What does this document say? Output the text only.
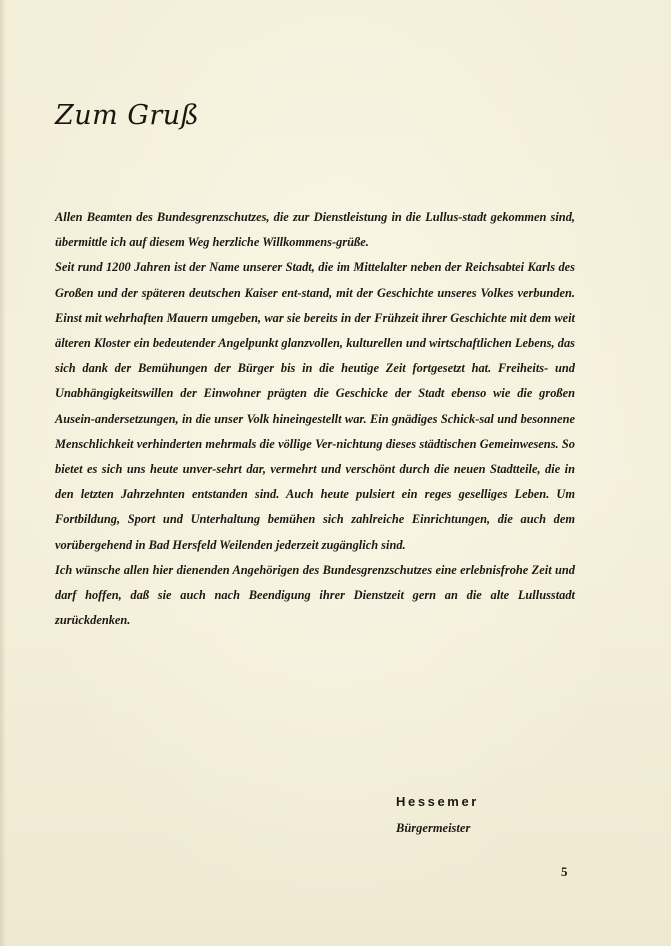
Zum Gruß

Allen Beamten des Bundesgrenzschutzes, die zur Dienstleistung in die Lullus-stadt gekommen sind, übermittle ich auf diesem Weg herzliche Willkommens-grüße.

Seit rund 1200 Jahren ist der Name unserer Stadt, die im Mittelalter neben der Reichsabtei Karls des Großen und der späteren deutschen Kaiser ent-stand, mit der Geschichte unseres Volkes verbunden. Einst mit wehrhaften Mauern umgeben, war sie bereits in der Frühzeit ihrer Geschichte mit dem weit älteren Kloster ein bedeutender Angelpunkt glanzvollen, kulturellen und wirtschaftlichen Lebens, das sich dank der Bemühungen der Bürger bis in die heutige Zeit fortgesetzt hat. Freiheits- und Unabhängigkeitswillen der Einwohner prägten die Geschicke der Stadt ebenso wie die großen Ausein-andersetzungen, in die unser Volk hineingestellt war. Ein gnädiges Schick-sal und besonnene Menschlichkeit verhinderten mehrmals die völlige Ver-nichtung dieses städtischen Gemeinwesens. So bietet es sich uns heute unver-sehrt dar, vermehrt und verschönt durch die neuen Stadtteile, die in den letzten Jahrzehnten entstanden sind. Auch heute pulsiert ein reges geselliges Leben. Um Fortbildung, Sport und Unterhaltung bemühen sich zahlreiche Einrichtungen, die auch dem vorübergehend in Bad Hersfeld Weilenden jederzeit zugänglich sind.

Ich wünsche allen hier dienenden Angehörigen des Bundesgrenzschutzes eine erlebnisfrohe Zeit und darf hoffen, daß sie auch nach Beendigung ihrer Dienstzeit gern an die alte Lullusstadt zurückdenken.

Hessemer
Bürgermeister
5
